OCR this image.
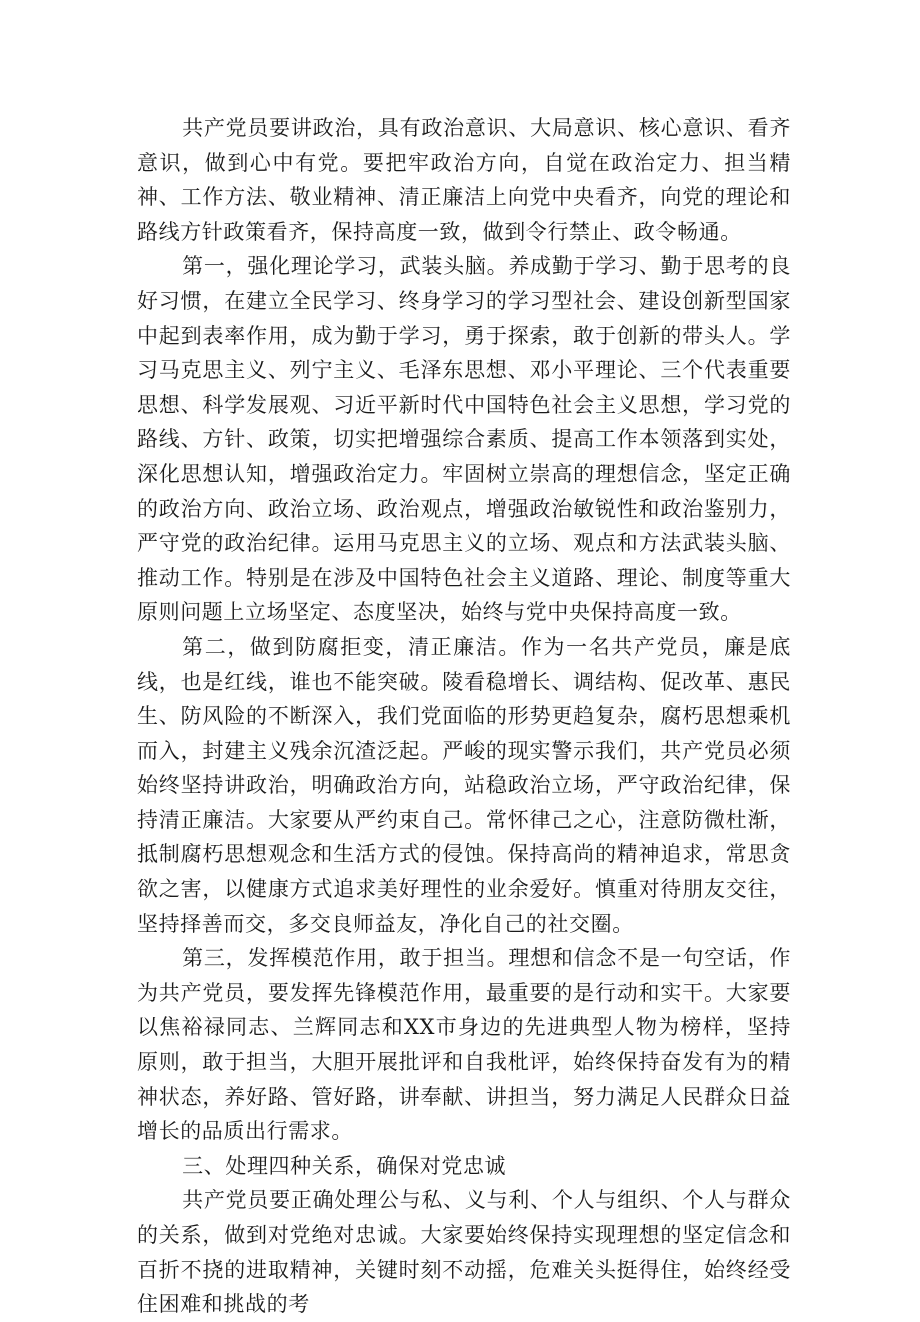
共产党员要讲政治，具有政治意识、大局意识、核心意识、看齐意识，做到心中有党。要把牢政治方向，自觉在政治定力、担当精神、工作方法、敬业精神、清正廉洁上向党中央看齐，向党的理论和路线方针政策看齐，保持高度一致，做到令行禁止、政令畅通。

第一，强化理论学习，武装头脑。养成勤于学习、勤于思考的良好习惯，在建立全民学习、终身学习的学习型社会、建设创新型国家中起到表率作用，成为勤于学习，勇于探索，敢于创新的带头人。学习马克思主义、列宁主义、毛泽东思想、邓小平理论、三个代表重要思想、科学发展观、习近平新时代中国特色社会主义思想，学习党的路线、方针、政策，切实把增强综合素质、提高工作本领落到实处，深化思想认知，增强政治定力。牢固树立崇高的理想信念，坚定正确的政治方向、政治立场、政治观点，增强政治敏锐性和政治鉴别力，严守党的政治纪律。运用马克思主义的立场、观点和方法武装头脑、推动工作。特别是在涉及中国特色社会主义道路、理论、制度等重大原则问题上立场坚定、态度坚决，始终与党中央保持高度一致。

第二，做到防腐拒变，清正廉洁。作为一名共产党员，廉是底线，也是红线，谁也不能突破。陵看稳增长、调结构、促改革、惠民生、防风险的不断深入，我们党面临的形势更趋复杂，腐朽思想乘机而入，封建主义残余沉渣泛起。严峻的现实警示我们，共产党员必须始终坚持讲政治，明确政治方向，站稳政治立场，严守政治纪律，保持清正廉洁。大家要从严约束自己。常怀律己之心，注意防微杜渐，抵制腐朽思想观念和生活方式的侵蚀。保持高尚的精神追求，常思贪欲之害，以健康方式追求美好理性的业余爱好。慎重对待朋友交往，坚持择善而交，多交良师益友，净化自己的社交圈。

第三，发挥模范作用，敢于担当。理想和信念不是一句空话，作为共产党员，要发挥先锋模范作用，最重要的是行动和实干。大家要以焦裕禄同志、兰辉同志和XX市身边的先进典型人物为榜样，坚持原则，敢于担当，大胆开展批评和自我枇评，始终保持奋发有为的精神状态，养好路、管好路，讲奉献、讲担当，努力满足人民群众日益增长的品质出行需求。

三、处理四种关系，确保对党忠诚

共产党员要正确处理公与私、义与利、个人与组织、个人与群众的关系，做到对党绝对忠诚。大家要始终保持实现理想的坚定信念和百折不挠的进取精神，关键时刻不动摇，危难关头挺得住，始终经受住困难和挑战的考
